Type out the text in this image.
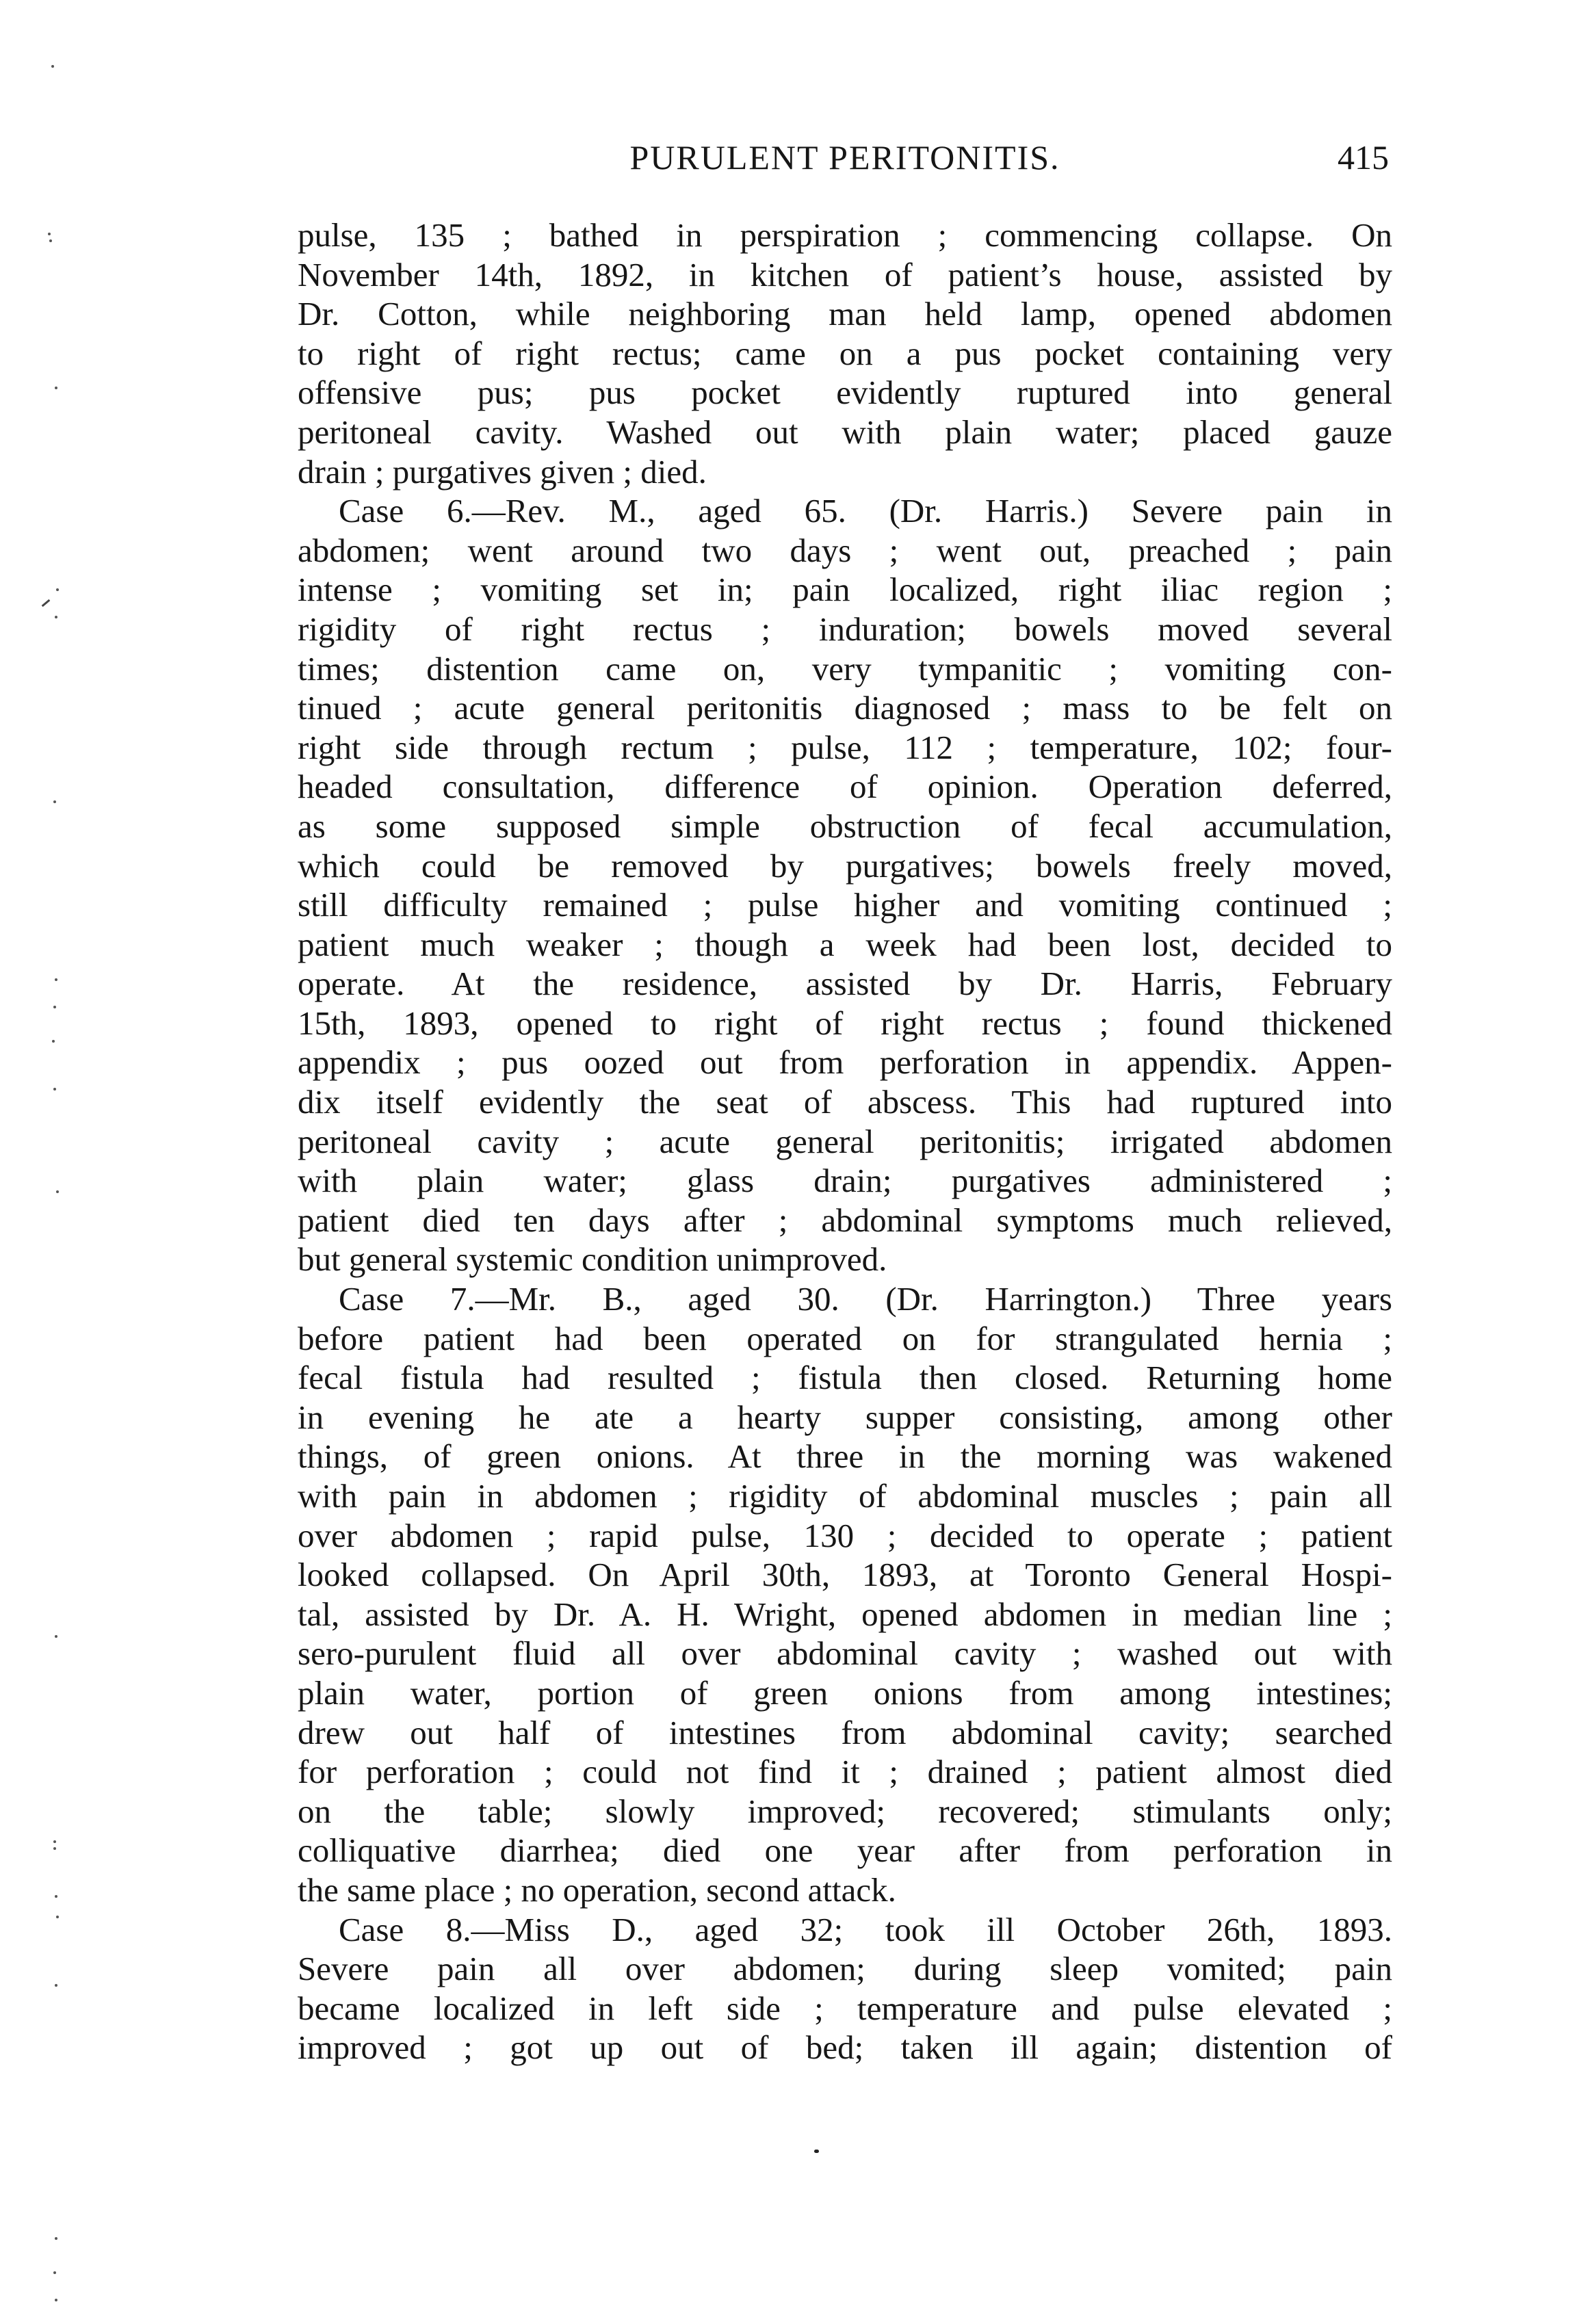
PURULENT PERITONITIS.	415
pulse, 135 ; bathed in perspiration ; commencing collapse. On
November 14th, 1892, in kitchen of patient’s house, assisted by
Dr. Cotton, while neighboring man held lamp, opened abdomen
to right of right rectus; came on a pus pocket containing very
offensive pus; pus pocket evidently ruptured into general
peritoneal cavity. Washed out with plain water; placed gauze
drain ; purgatives given ; died.
Case 6.—Rev. M., aged 65. (Dr. Harris.) Severe pain in
abdomen; went around two days ; went out, preached ; pain
intense ; vomiting set in; pain localized, right iliac region ;
rigidity of right rectus ; induration; bowels moved several
times; distention came on, very tympanitic ; vomiting con-
tinued ; acute general peritonitis diagnosed ; mass to be felt on
right side through rectum ; pulse, 112 ; temperature, 102; four-
headed consultation, difference of opinion. Operation deferred,
as some supposed simple obstruction of fecal accumulation,
which could be removed by purgatives; bowels freely moved,
still difficulty remained ; pulse higher and vomiting continued ;
patient much weaker ; though a week had been lost, decided to
operate. At the residence, assisted by Dr. Harris, February
15th, 1893, opened to right of right rectus ; found thickened
appendix ; pus oozed out from perforation in appendix. Appen-
dix itself evidently the seat of abscess. This had ruptured into
peritoneal cavity ; acute general peritonitis; irrigated abdomen
with plain water; glass drain; purgatives administered ;
patient died ten days after ; abdominal symptoms much relieved,
but general systemic condition unimproved.
Case 7.—Mr. B., aged 30. (Dr. Harrington.) Three years
before patient had been operated on for strangulated hernia ;
fecal fistula had resulted ; fistula then closed. Returning home
in evening he ate a hearty supper consisting, among other
things, of green onions. At three in the morning was wakened
with pain in abdomen ; rigidity of abdominal muscles ; pain all
over abdomen ; rapid pulse, 130 ; decided to operate ; patient
looked collapsed. On April 30th, 1893, at Toronto General Hospi-
tal, assisted by Dr. A. H. Wright, opened abdomen in median line ;
sero-purulent fluid all over abdominal cavity ; washed out with
plain water, portion of green onions from among intestines;
drew out half of intestines from abdominal cavity; searched
for perforation ; could not find it ; drained ; patient almost died
on the table; slowly improved; recovered; stimulants only;
colliquative diarrhea; died one year after from perforation in
the same place ; no operation, second attack.
Case 8.—Miss D., aged 32; took ill October 26th, 1893.
Severe pain all over abdomen; during sleep vomited; pain
became localized in left side ; temperature and pulse elevated ;
improved ; got up out of bed; taken ill again; distention of
